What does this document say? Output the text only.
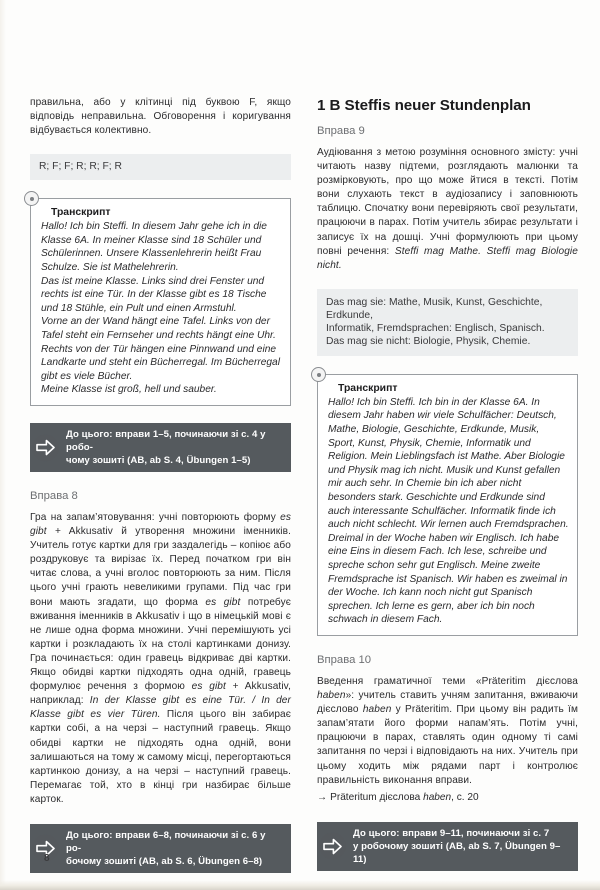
правильна, або у клітинці під буквою F, якщо відповідь неправильна. Обговорення і коригування відбувається колективно.

R; F; F; R; R; F; R

Транскрипт

Hallo! Ich bin Steffi. In diesem Jahr gehe ich in die Klasse 6A. In meiner Klasse sind 18 Schüler und Schülerinnen. Unsere Klassenlehrerin heißt Frau Schulze. Sie ist Mathelehrerin.
Das ist meine Klasse. Links sind drei Fenster und rechts ist eine Tür. In der Klasse gibt es 18 Tische und 18 Stühle, ein Pult und einen Armstuhl.
Vorne an der Wand hängt eine Tafel. Links von der Tafel steht ein Fernseher und rechts hängt eine Uhr. Rechts von der Tür hängen eine Pinnwand und eine Landkarte und steht ein Bücherregal. Im Bücherregal gibt es viele Bücher.
Meine Klasse ist groß, hell und sauber.
До цього: вправи 1–5, починаючи зі с. 4 у робо-
чому зошиті (AB, ab S. 4, Übungen 1–5)
Вправа 8

Гра на запам’ятовування: учні повторюють форму es gibt + Akkusativ й утворення множини іменників. Учитель готує картки для гри заздалегідь – копіює або роздруковує та вирізає їх. Перед початком гри він читає слова, а учні вголос повторюють за ним. Після цього учні грають невеликими групами. Під час гри вони мають згадати, що форма es gibt потребує вживання іменників в Akkusativ і що в німецькій мові є не лише одна форма множини. Учні перемішують усі картки і розкладають їх на столі картинками донизу. Гра починається: один гравець відкриває дві картки. Якщо обидві картки підходять одна одній, гравець формулює речення з формою es gibt + Akkusativ, наприклад: In der Klasse gibt es eine Tür. / In der Klasse gibt es vier Türen. Після цього він забирає картки собі, а на черзі – наступний гравець. Якщо обидві картки не підходять одна одній, вони залишаються на тому ж самому місці, перегортаються картинкою донизу, а на черзі – наступний гравець. Перемагає той, хто в кінці гри назбирає більше карток.

До цього: вправи 6–8, починаючи зі с. 6 у ро-
бочому зошиті (AB, ab S. 6, Übungen 6–8)
1 B Steffis neuer Stundenplan
Вправа 9

Аудіювання з метою розуміння основного змісту: учні читають назву підтеми, розглядають малюнки та розмірковують, про що може йтися в тексті. Потім вони слухають текст в аудіозапису і заповнюють таблицю. Спочатку вони перевіряють свої результати, працюючи в парах. Потім учитель збирає результати і записує їх на дошці. Учні формулюють при цьому повні речення: Steffi mag Mathe. Steffi mag Biologie nicht.

Das mag sie: Mathe, Musik, Kunst, Geschichte, Erdkunde,
Informatik, Fremdsprachen: Englisch, Spanisch.
Das mag sie nicht: Biologie, Physik, Chemie.

Транскрипт

Hallo! Ich bin Steffi. Ich bin in der Klasse 6A. In diesem Jahr haben wir viele Schulfächer: Deutsch, Mathe, Biologie, Geschichte, Erdkunde, Musik, Sport, Kunst, Physik, Chemie, Informatik und Religion. Mein Lieblingsfach ist Mathe. Aber Biologie und Physik mag ich nicht. Musik und Kunst gefallen mir auch sehr. In Chemie bin ich aber nicht besonders stark. Geschichte und Erdkunde sind auch interessante Schulfächer. Informatik finde ich auch nicht schlecht. Wir lernen auch Fremdsprachen. Dreimal in der Woche haben wir Englisch. Ich habe eine Eins in diesem Fach. Ich lese, schreibe und spreche schon sehr gut Englisch. Meine zweite Fremdsprache ist Spanisch. Wir haben es zweimal in der Woche. Ich kann noch nicht gut Spanisch sprechen. Ich lerne es gern, aber ich bin noch schwach in diesem Fach.
Вправа 10

Введення граматичної теми «Präteritim дієслова haben»: учитель ставить учням запитання, вживаючи дієслово haben у Präteritim. При цьому він радить їм запам’ятати його форми напам’ять. Потім учні, працюючи в парах, ставлять один одному ті самі запитання по черзі і відповідають на них. Учитель при цьому ходить між рядами парт і контролює правильність виконання вправи.

→ Präteritum дієслова haben, с. 20

До цього: вправи 9–11, починаючи зі с. 7
у робочому зошиті (AB, ab S. 7, Übungen 9–11)
8
